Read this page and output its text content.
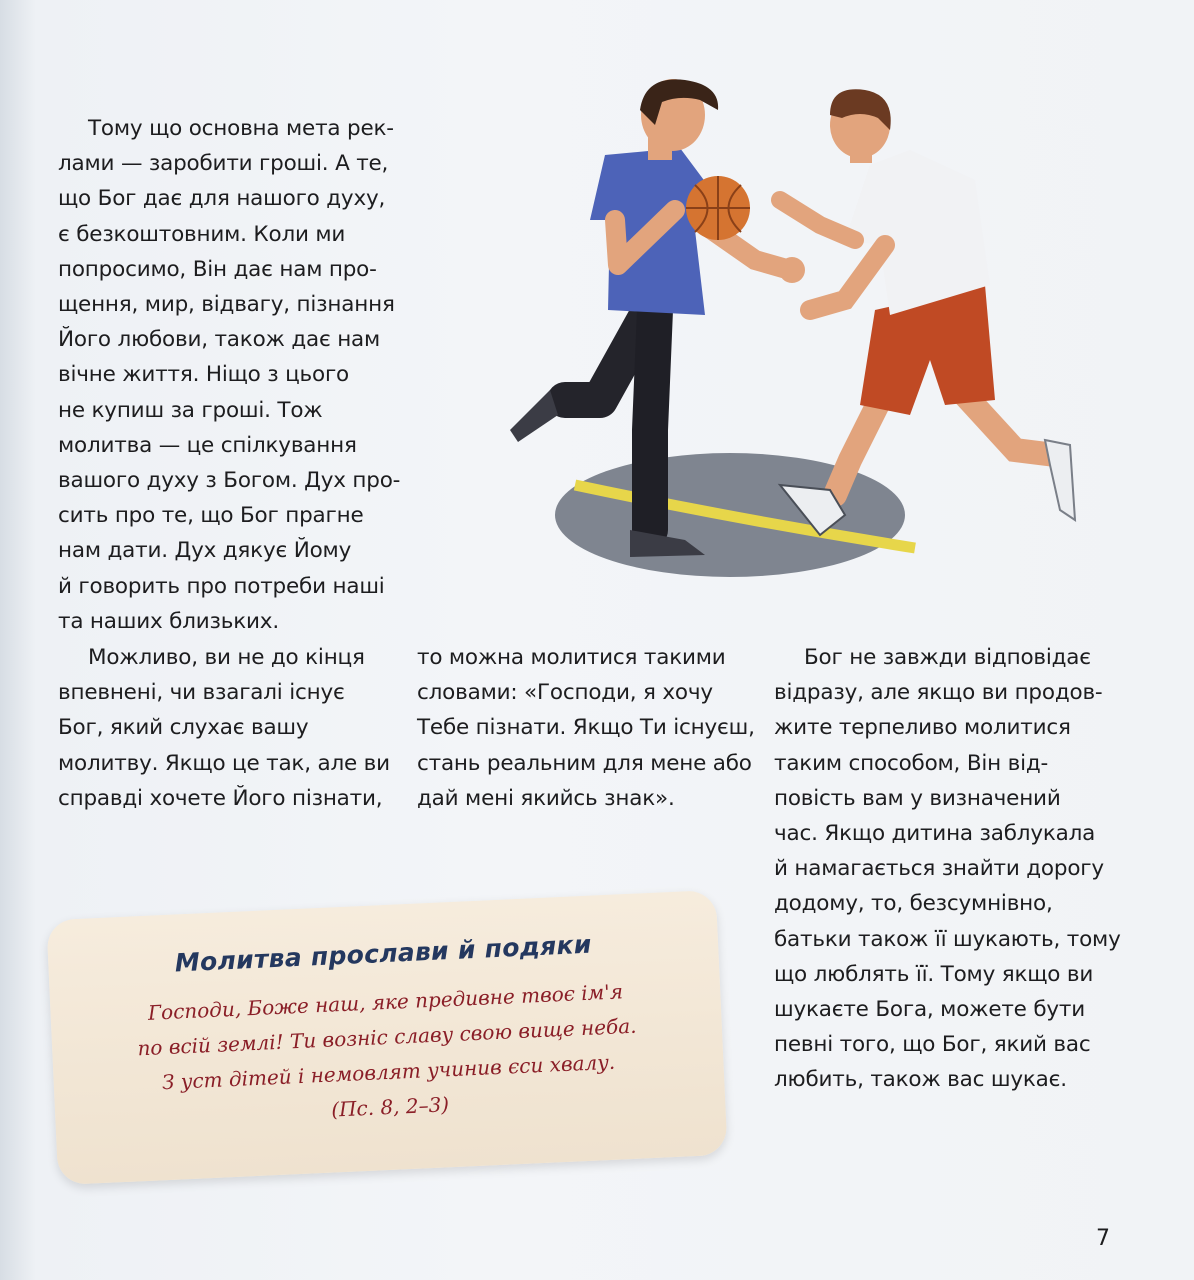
Тому що основна мета рек-
лами — заробити гроші. А те,
що Бог дає для нашого духу,
є безкоштовним. Коли ми
попросимо, Він дає нам про-
щення, мир, відвагу, пізнання
Його любови, також дає нам
вічне життя. Ніщо з цього
не купиш за гроші. Тож
молитва — це спілкування
вашого духу з Богом. Дух про-
сить про те, що Бог прагне
нам дати. Дух дякує Йому
й говорить про потреби наші
та наших близьких.

Можливо, ви не до кінця
впевнені, чи взагалі існує
Бог, який слухає вашу
молитву. Якщо це так, але ви
справді хочете Його пізнати,

то можна молитися такими
словами: «Господи, я хочу
Тебе пізнати. Якщо Ти існуєш,
стань реальним для мене або
дай мені якийсь знак».

Бог не завжди відповідає
відразу, але якщо ви продов-
жите терпеливо молитися
таким способом, Він від-
повість вам у визначений
час. Якщо дитина заблукала
й намагається знайти дорогу
додому, то, безсумнівно,
батьки також її шукають, тому
що люблять її. Тому якщо ви
шукаєте Бога, можете бути
певні того, що Бог, який вас
любить, також вас шукає.

Молитва прослави й подяки

Господи, Боже наш, яке предивне твоє ім'я
по всій землі! Ти возніс славу свою вище неба.
З уст дітей і немовлят учинив єси хвалу.
(Пс. 8, 2–3)

7
